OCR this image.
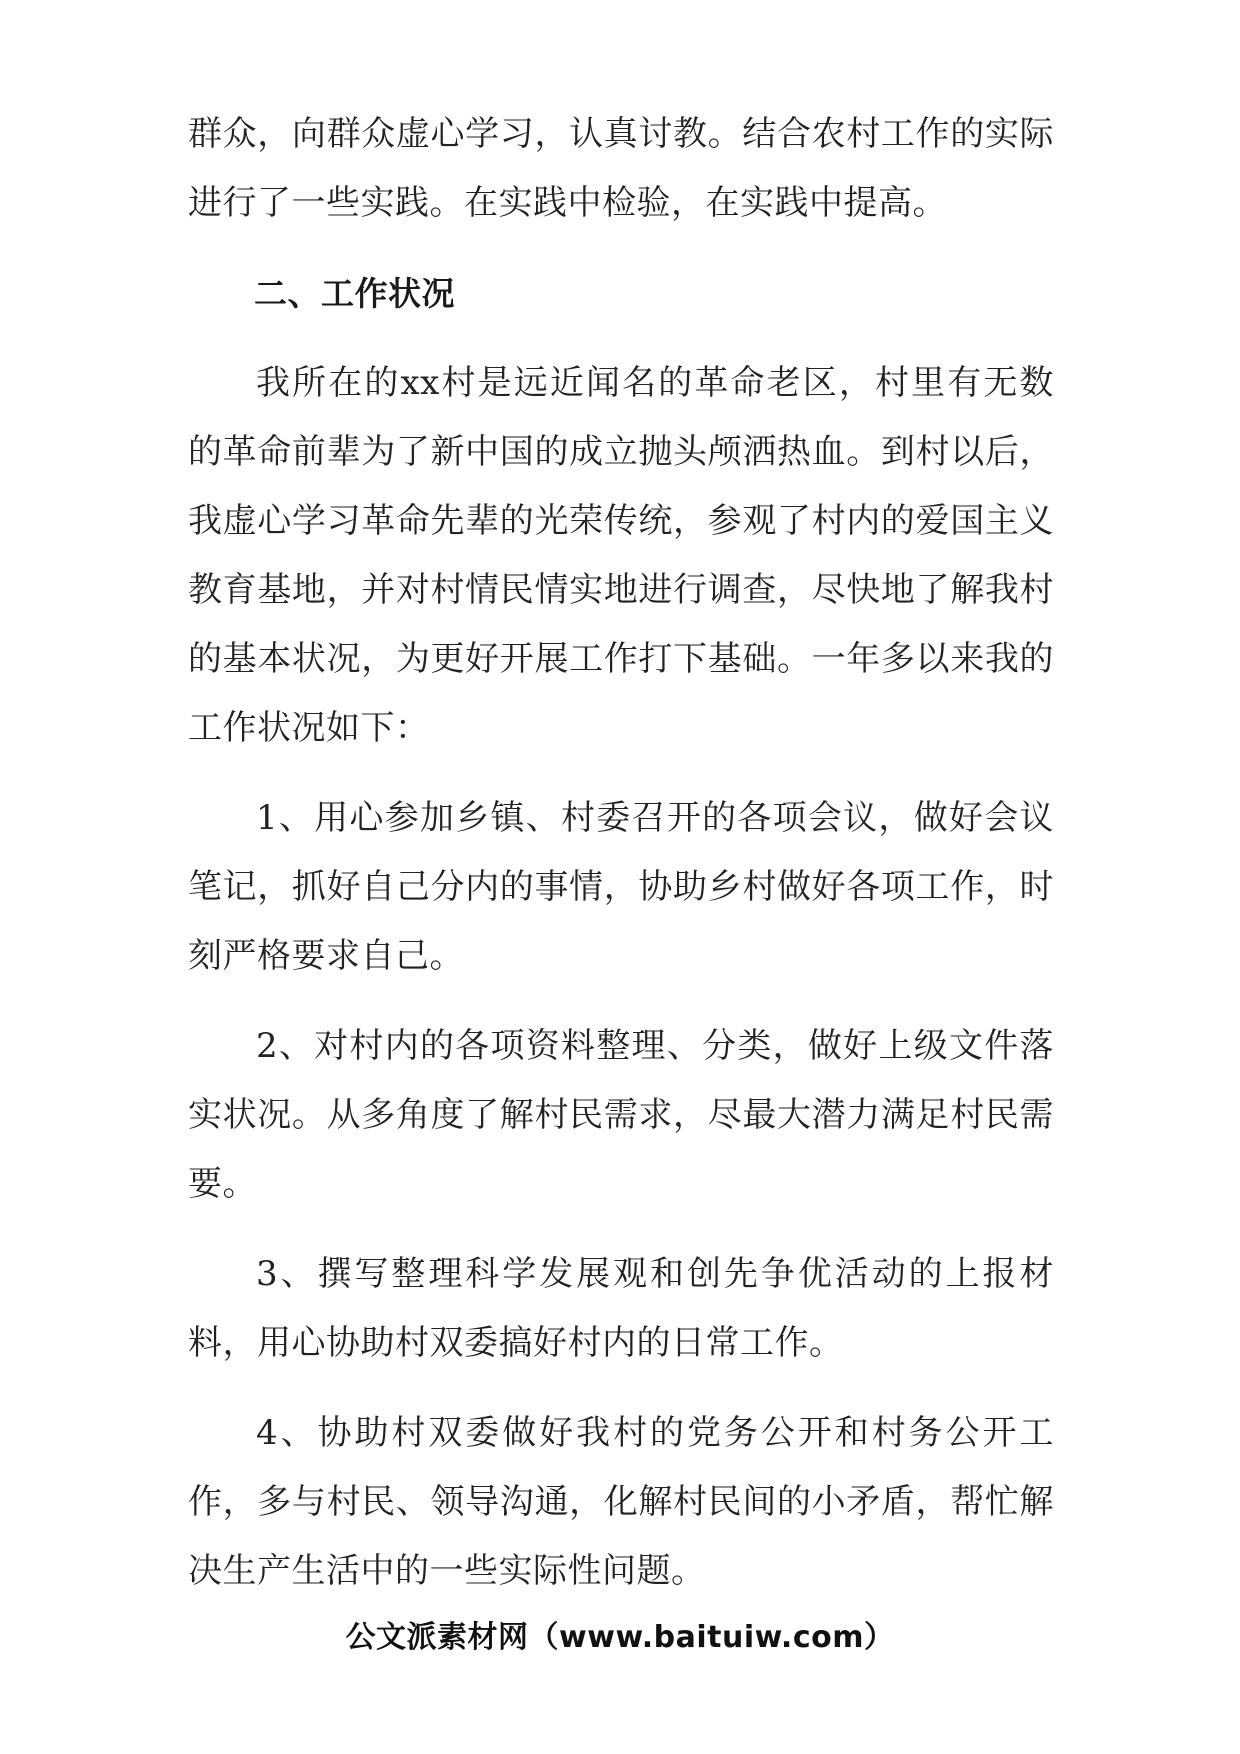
群众，向群众虚心学习，认真讨教。结合农村工作的实际进行了一些实践。在实践中检验，在实践中提高。

二、工作状况

我所在的xx村是远近闻名的革命老区，村里有无数的革命前辈为了新中国的成立抛头颅洒热血。到村以后，我虚心学习革命先辈的光荣传统，参观了村内的爱国主义教育基地，并对村情民情实地进行调查，尽快地了解我村的基本状况，为更好开展工作打下基础。一年多以来我的工作状况如下：

1、用心参加乡镇、村委召开的各项会议，做好会议笔记，抓好自己分内的事情，协助乡村做好各项工作，时刻严格要求自己。

2、对村内的各项资料整理、分类，做好上级文件落实状况。从多角度了解村民需求，尽最大潜力满足村民需要。

3、撰写整理科学发展观和创先争优活动的上报材料，用心协助村双委搞好村内的日常工作。

4、协助村双委做好我村的党务公开和村务公开工作，多与村民、领导沟通，化解村民间的小矛盾，帮忙解决生产生活中的一些实际性问题。

公文派素材网（www.baituiw.com）
